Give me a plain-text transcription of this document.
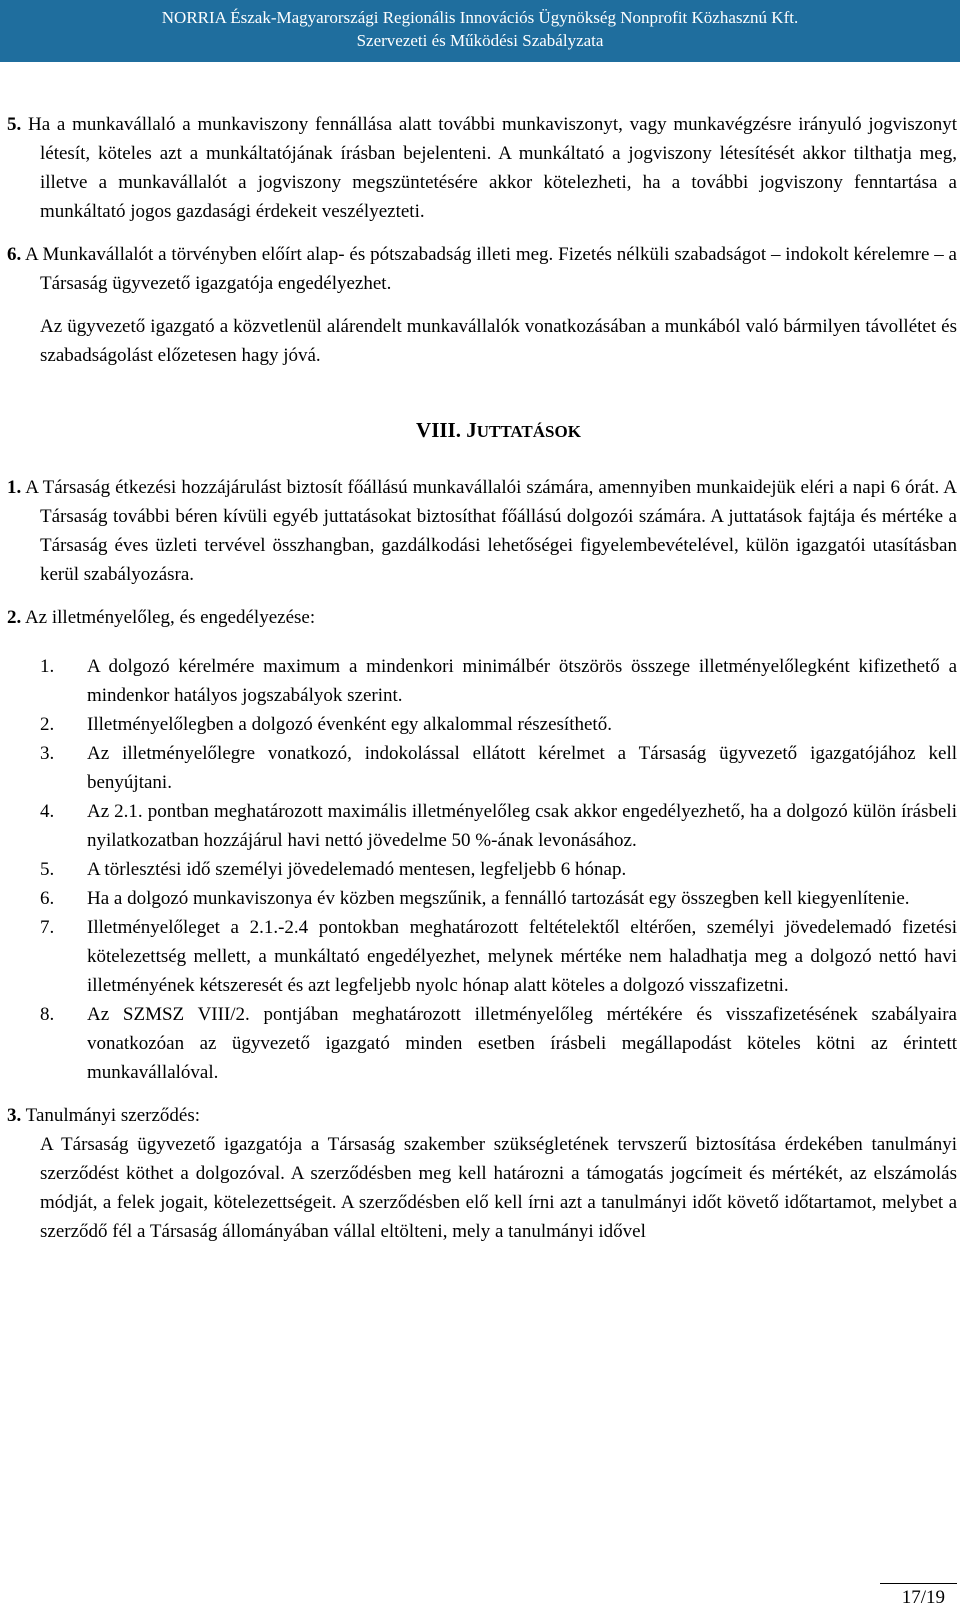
NORRIA Észak-Magyarországi Regionális Innovációs Ügynökség Nonprofit Közhasznú Kft.
Szervezeti és Működési Szabályzata

5. Ha a munkavállaló a munkaviszony fennállása alatt további munkaviszonyt, vagy munkavégzésre irányuló jogviszonyt létesít, köteles azt a munkáltatójának írásban bejelenteni. A munkáltató a jogviszony létesítését akkor tilthatja meg, illetve a munkavállalót a jogviszony megszüntetésére akkor kötelezheti, ha a további jogviszony fenntartása a munkáltató jogos gazdasági érdekeit veszélyezteti.

6. A Munkavállalót a törvényben előírt alap- és pótszabadság illeti meg. Fizetés nélküli szabadságot – indokolt kérelemre – a Társaság ügyvezető igazgatója engedélyezhet.

Az ügyvezető igazgató a közvetlenül alárendelt munkavállalók vonatkozásában a munkából való bármilyen távollétet és szabadságolást előzetesen hagy jóvá.

VIII. JUTTATÁSOK

1. A Társaság étkezési hozzájárulást biztosít főállású munkavállalói számára, amennyiben munkaidejük eléri a napi 6 órát. A Társaság további béren kívüli egyéb juttatásokat biztosíthat főállású dolgozói számára. A juttatások fajtája és mértéke a Társaság éves üzleti tervével összhangban, gazdálkodási lehetőségei figyelembevételével, külön igazgatói utasításban kerül szabályozásra.

2. Az illetményelőleg, és engedélyezése:

1.	A dolgozó kérelmére maximum a mindenkori minimálbér ötszörös összege illetményelőlegként kifizethető a mindenkor hatályos jogszabályok szerint.

2.	Illetményelőlegben a dolgozó évenként egy alkalommal részesíthető.

3.	Az illetményelőlegre vonatkozó, indokolással ellátott kérelmet a Társaság ügyvezető igazgatójához kell benyújtani.

4.	Az 2.1. pontban meghatározott maximális illetményelőleg csak akkor engedélyezhető, ha a dolgozó külön írásbeli nyilatkozatban hozzájárul havi nettó jövedelme 50 %-ának levonásához.

5.	A törlesztési idő személyi jövedelemadó mentesen, legfeljebb 6 hónap.

6.	Ha a dolgozó munkaviszonya év közben megszűnik, a fennálló tartozását egy összegben kell kiegyenlítenie.

7.	Illetményelőleget a 2.1.-2.4 pontokban meghatározott feltételektől eltérően, személyi jövedelemadó fizetési kötelezettség mellett, a munkáltató engedélyezhet, melynek mértéke nem haladhatja meg a dolgozó nettó havi illetményének kétszeresét és azt legfeljebb nyolc hónap alatt köteles a dolgozó visszafizetni.

8.	Az SZMSZ VIII/2. pontjában meghatározott illetményelőleg mértékére és visszafizetésének szabályaira vonatkozóan az ügyvezető igazgató minden esetben írásbeli megállapodást köteles kötni az érintett munkavállalóval.

3. Tanulmányi szerződés:

A Társaság ügyvezető igazgatója a Társaság szakember szükségletének tervszerű biztosítása érdekében tanulmányi szerződést köthet a dolgozóval. A szerződésben meg kell határozni a támogatás jogcímeit és mértékét, az elszámolás módját, a felek jogait, kötelezettségeit. A szerződésben elő kell írni azt a tanulmányi időt követő időtartamot, melybet a szerződő fél a Társaság állományában vállal eltölteni, mely a tanulmányi idővel

17/19
